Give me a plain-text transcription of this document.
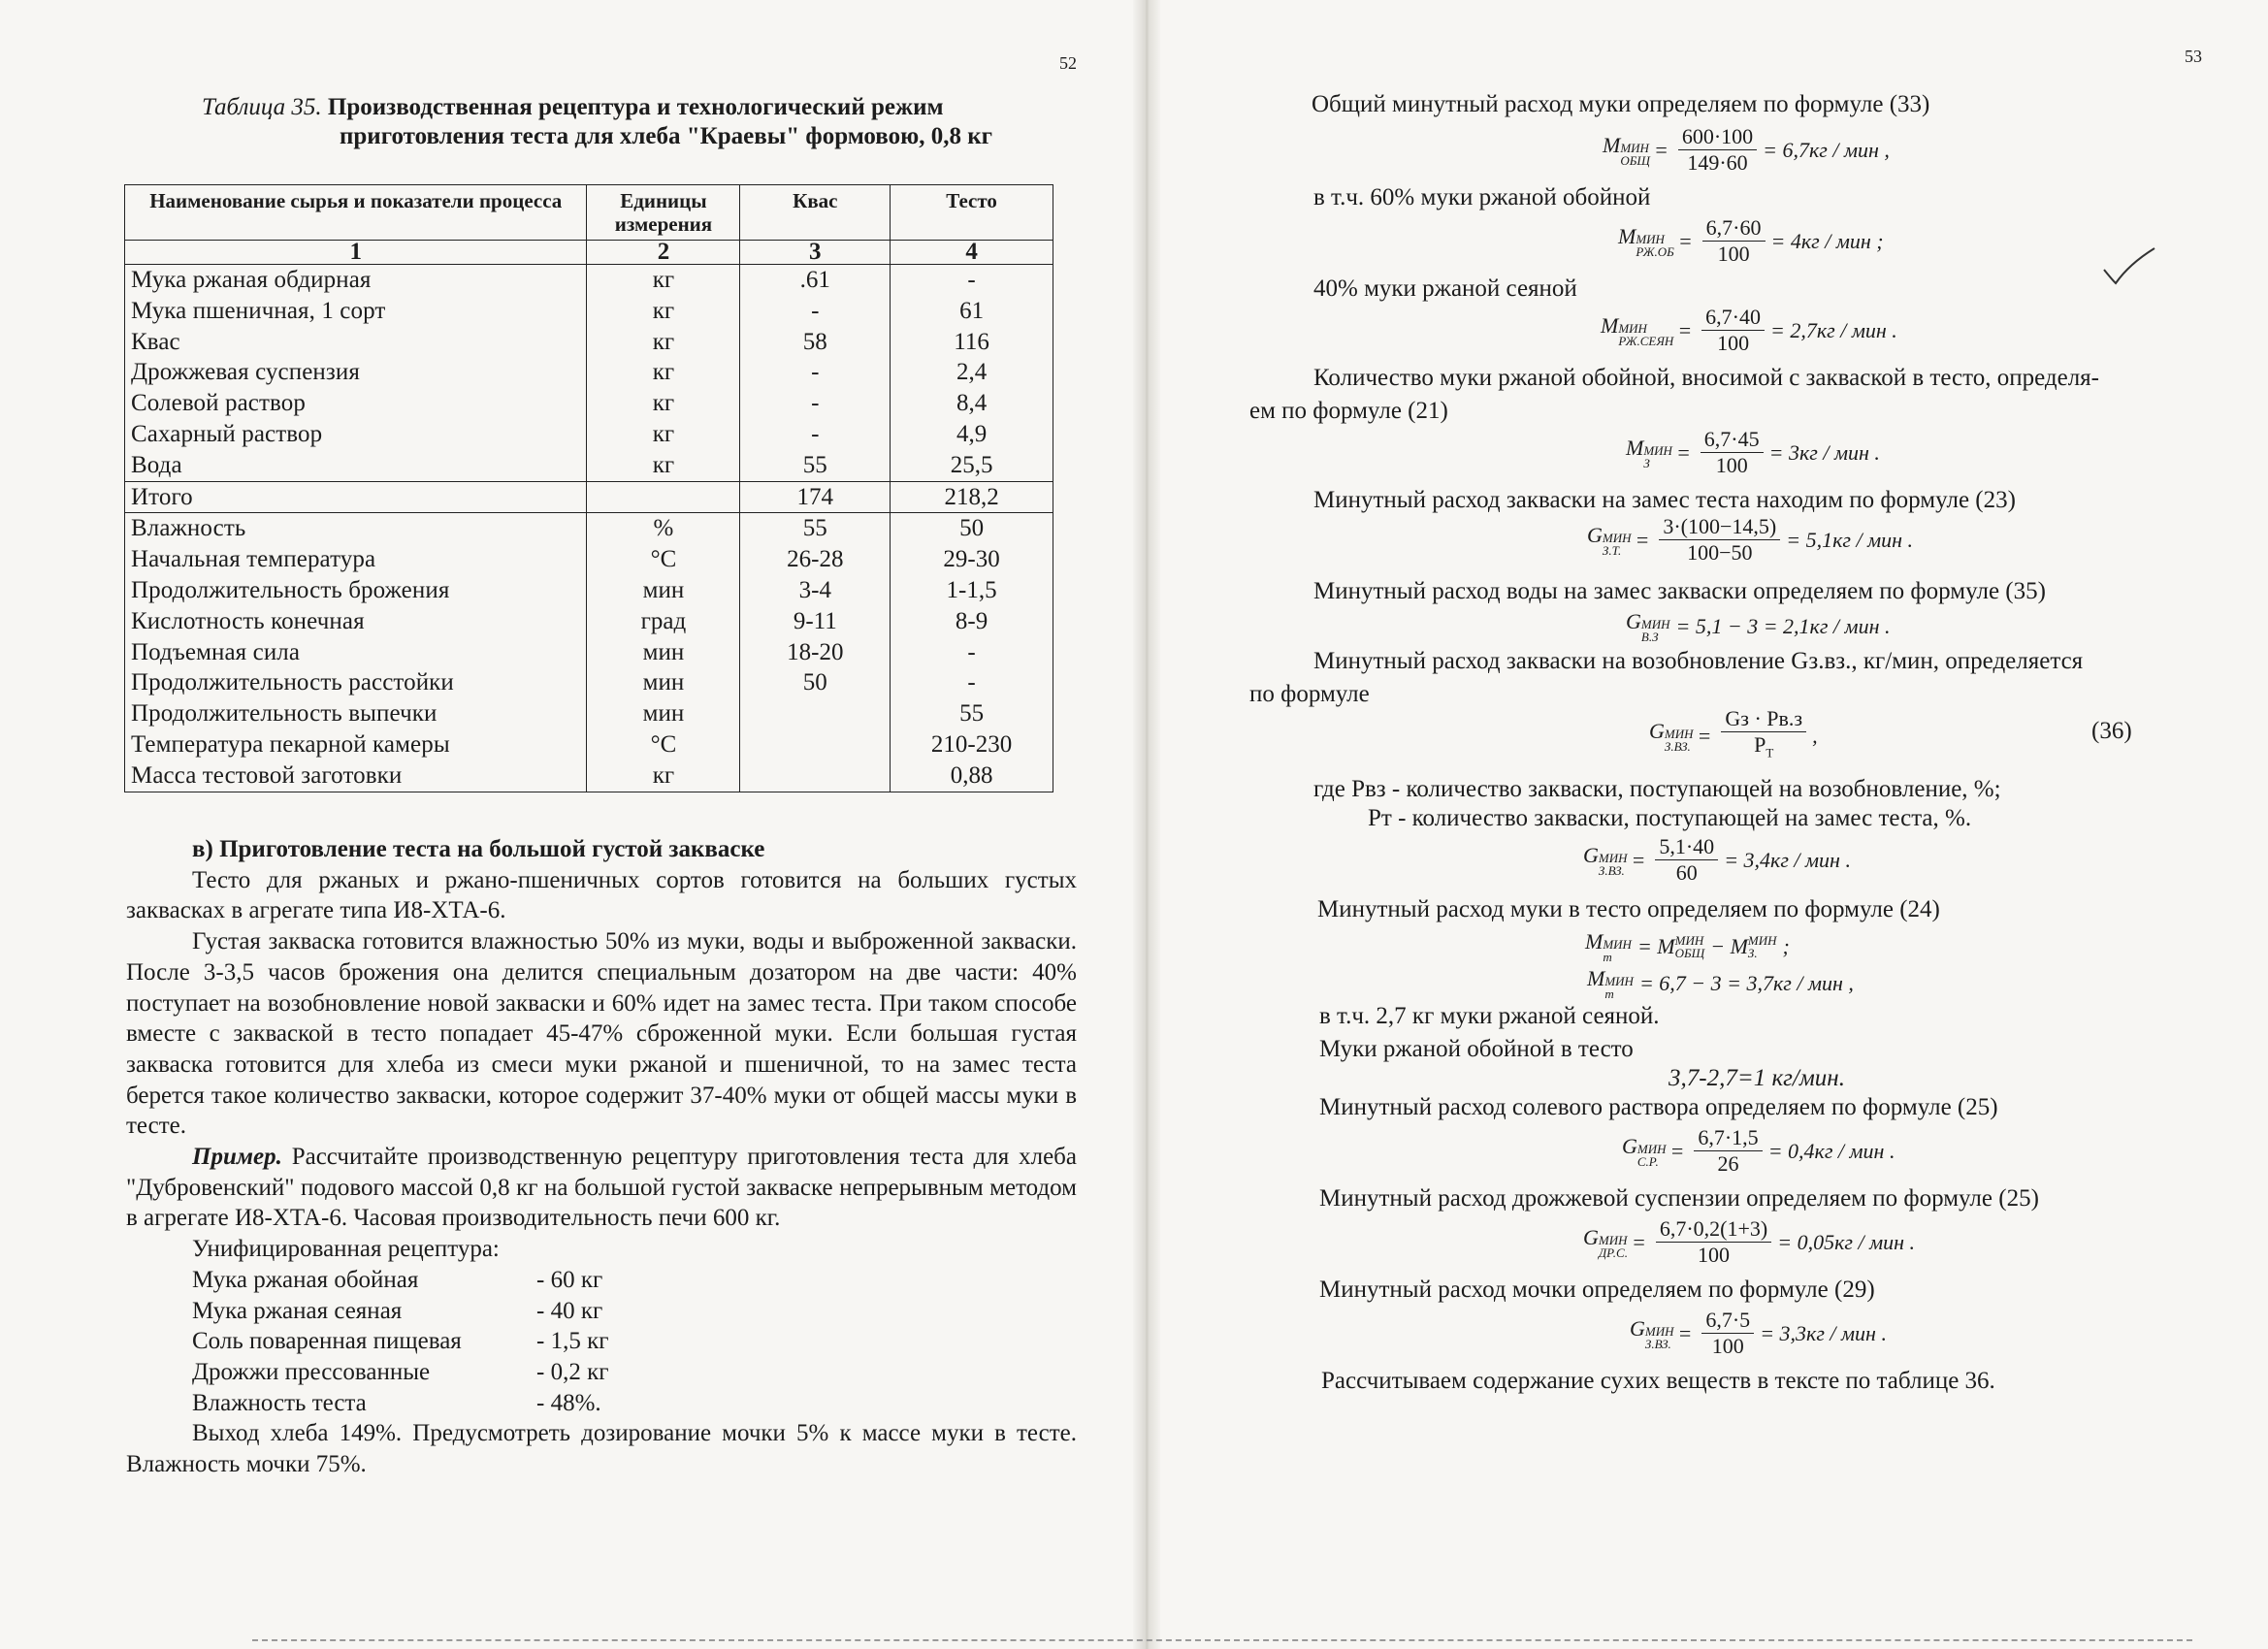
52
Таблица 35. Производственная рецептура и технологический режим
приготовления теста для хлеба "Краевы" формовою, 0,8 кг
Наименование сырья и показатели процесса	Единицы измерения	Квас	Тесто
1	2	3	4
Мука ржаная обдирная	кг	.61	-
Мука пшеничная, 1 сорт	кг	-	61
Квас	кг	58	116
Дрожжевая суспензия	кг	-	2,4
Солевой раствор	кг	-	8,4
Сахарный раствор	кг	-	4,9
Вода	кг	55	25,5
Итого		174	218,2
Влажность	%	55	50
Начальная температура	°C	26-28	29-30
Продолжительность брожения	мин	3-4	1-1,5
Кислотность конечная	град	9-11	8-9
Подъемная сила	мин	18-20	-
Продолжительность расстойки	мин	50	-
Продолжительность выпечки	мин		55
Температура пекарной камеры	°C		210-230
Масса тестовой заготовки	кг		0,88
в) Приготовление теста на большой густой закваске

Тесто для ржаных и ржано-пшеничных сортов готовится на больших густых заквасках в агрегате типа И8-ХТА-6.

Густая закваска готовится влажностью 50% из муки, воды и выброженной закваски. После 3-3,5 часов брожения она делится специальным дозатором на две части: 40% поступает на возобновление новой закваски и 60% идет на замес теста. При таком способе вместе с закваской в тесто попадает 45-47% сброженной муки. Если большая густая закваска готовится для хлеба из смеси муки ржаной и пшеничной, то на замес теста берется такое количество закваски, которое содержит 37-40% муки от общей массы муки в тесте.

Пример. Рассчитайте производственную рецептуру приготовления теста для хлеба "Дубровенский" подового массой 0,8 кг на большой густой закваске непрерывным методом в агрегате И8-ХТА-6. Часовая производительность печи 600 кг.

Унифицированная рецептура:

Мука ржаная обойная	- 60 кг
Мука ржаная сеяная	- 40 кг
Соль поваренная пищевая	- 1,5 кг
Дрожжи прессованные	- 0,2 кг
Влажность теста	- 48%.

Выход хлеба 149%. Предусмотреть дозирование мочки 5% к массе муки в тесте. Влажность мочки 75%.

53
Общий минутный расход муки определяем по формуле (33)
M МИН
ОБЩ = $\frac{600\cdot 100}{149\cdot 60} = 6,7кг$ / мин ,
в т.ч. 60% муки ржаной обойной
M МИН
$РЖ.ОБ = \frac{6,7\cdot 60}{100} = 4кг$ / мин ;
40% муки ржаной сеяной
M МИН
РЖ.СЕЯН = $\frac{6,7\cdot 40}{100} = 2,7кг$ / мин .
Количество муки ржаной обойной, вносимой с закваской в тесто, определя-
ем по формуле (21)
M МИН
З	= $\frac{6,7\cdot 45}{100} = 3кг$ / мин .
Минутный расход закваски на замес теста находим по формуле (23)
G МИН
З.Т. = $\frac{3\cdot(100-14,5)}{100-50} = 5,1кг$ / мин .
Минутный расход воды на замес закваски определяем по формуле (35)
G МИН
В.З = 5,1 − 3 = 2,1кг / мин .
Минутный расход закваски на возобновление Gз.вз., кг/мин, определяется
по формуле
G МИН
З.ВЗ. = $\frac{Gз \cdot Pв.з}{P_Т}$ ,	(36)
где Pвз - количество закваски, поступающей на возобновление, %;
Pт - количество закваски, поступающей на замес теста, %.
G МИН
З.ВЗ. = $\frac{5,1\cdot 40}{60} = 3,4кг$ / мин .
Минутный расход муки в тесто определяем по формуле (24)
M МИН
т	= M МИН
ОБЩ − M МИН
З.	;
M МИН
т	= 6,7 − 3 = 3,7кг / мин ,
в т.ч. 2,7 кг муки ржаной сеяной.
Муки ржаной обойной в тесто
3,7-2,7=1 кг/мин.
Минутный расход солевого раствора определяем по формуле (25)
G МИН
С.Р. = $\frac{6,7\cdot 1,5}{26} = 0,4кг$ / мин .
Минутный расход дрожжевой суспензии определяем по формуле (25)
G МИН
ДР.С. = $\frac{6,7\cdot 0,2(1+3)}{100} = 0,05кг$ / мин .
Минутный расход мочки определяем по формуле (29)
G МИН
З.ВЗ. = $\frac{6,7\cdot 5}{100} = 3,3кг$ / мин .
Рассчитываем содержание сухих веществ в тексте по таблице 36.
